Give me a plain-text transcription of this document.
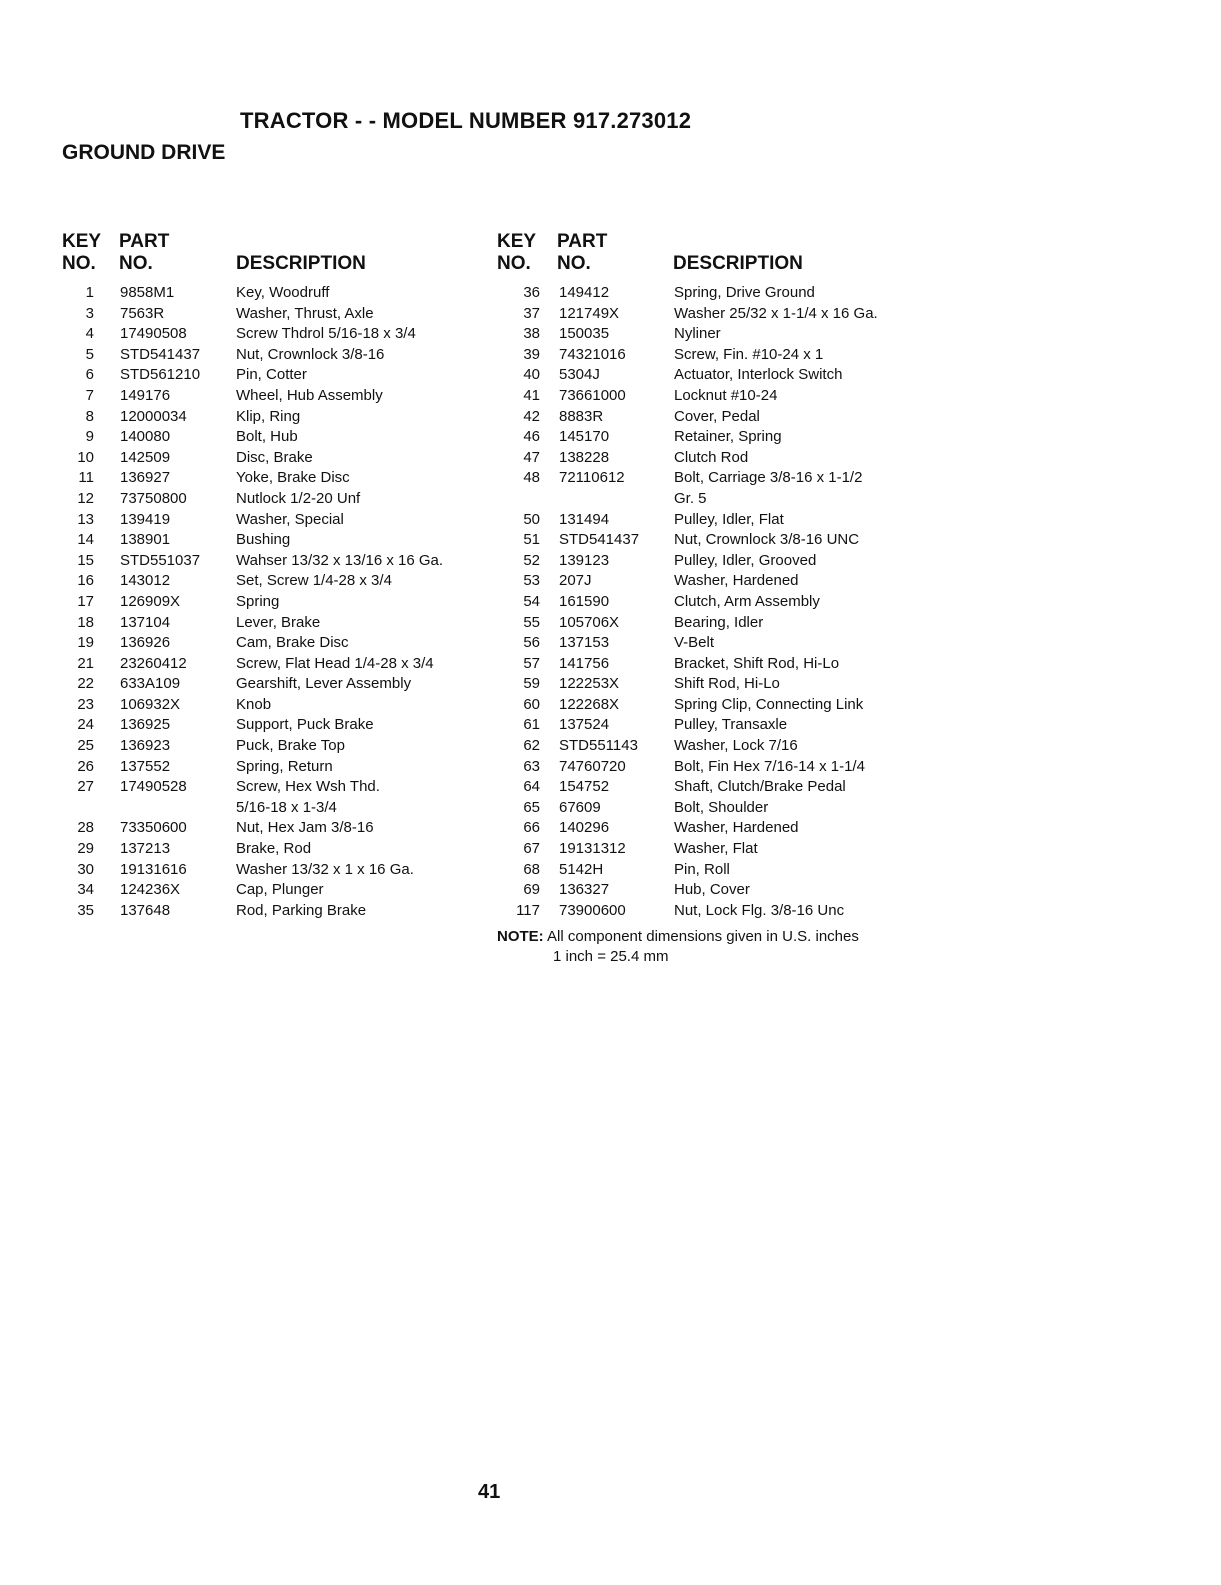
TRACTOR - - MODEL NUMBER 917.273012
GROUND DRIVE
KEY
NO.
PART
NO.	DESCRIPTION
KEY
NO.
PART
NO.	DESCRIPTION
1 9858M1	Key, Woodruff
3 7563R	Washer, Thrust, Axle
4 17490508	Screw Thdrol 5/16-18 x 3/4
5 STD541437 Nut, Crownlock 3/8-16
6 STD561210 Pin, Cotter
7 149176	Wheel, Hub Assembly
8 12000034	Klip, Ring
9 140080	Bolt, Hub
10 142509	Disc, Brake
11 136927	Yoke, Brake Disc
12 73750800	Nutlock 1/2-20 Unf
13 139419	Washer, Special
14 138901	Bushing
15 STD551037 Wahser 13/32 x 13/16 x 16 Ga.
16 143012	Set, Screw 1/4-28 x 3/4
17 126909X	Spring
18 137104	Lever, Brake
19 136926	Cam, Brake Disc
21 23260412	Screw, Flat Head 1/4-28 x 3/4
22 633A109	Gearshift, Lever Assembly
23 106932X	Knob
24 136925	Support, Puck Brake
25 136923	Puck, Brake Top
26 137552	Spring, Return
27 17490528	Screw, Hex Wsh Thd.
5/16-18 x 1-3/4
28 73350600	Nut, Hex Jam 3/8-16
29 137213	Brake, Rod
30 19131616	Washer 13/32 x 1 x 16 Ga.
34 124236X	Cap, Plunger
35 137648	Rod, Parking Brake
36 149412	Spring, Drive Ground
37 121749X	Washer 25/32 x 1-1/4 x 16 Ga.
38 150035	Nyliner
39 74321016	Screw, Fin. #10-24 x 1
40 5304J	Actuator, Interlock Switch
41 73661000	Locknut #10-24
42 8883R	Cover, Pedal
46 145170	Retainer, Spring
47 138228	Clutch Rod
48 72110612	Bolt, Carriage 3/8-16 x 1-1/2
Gr. 5
50 131494	Pulley, Idler, Flat
51 STD541437 Nut, Crownlock 3/8-16 UNC
52 139123	Pulley, Idler, Grooved
53 207J	Washer, Hardened
54 161590	Clutch, Arm Assembly
55 105706X	Bearing, Idler
56 137153	V-Belt
57 141756	Bracket, Shift Rod, Hi-Lo
59 122253X	Shift Rod, Hi-Lo
60 122268X	Spring Clip, Connecting Link
61 137524	Pulley, Transaxle
62 STD551143 Washer, Lock 7/16
63 74760720	Bolt, Fin Hex 7/16-14 x 1-1/4
64 154752	Shaft, Clutch/Brake Pedal
65 67609	Bolt, Shoulder
66 140296	Washer, Hardened
67 19131312	Washer, Flat
68 5142H	Pin, Roll
69 136327	Hub, Cover
117 73900600	Nut, Lock Flg. 3/8-16 Unc
NOTE: All component dimensions given in U.S. inches
1 inch = 25.4 mm
41
